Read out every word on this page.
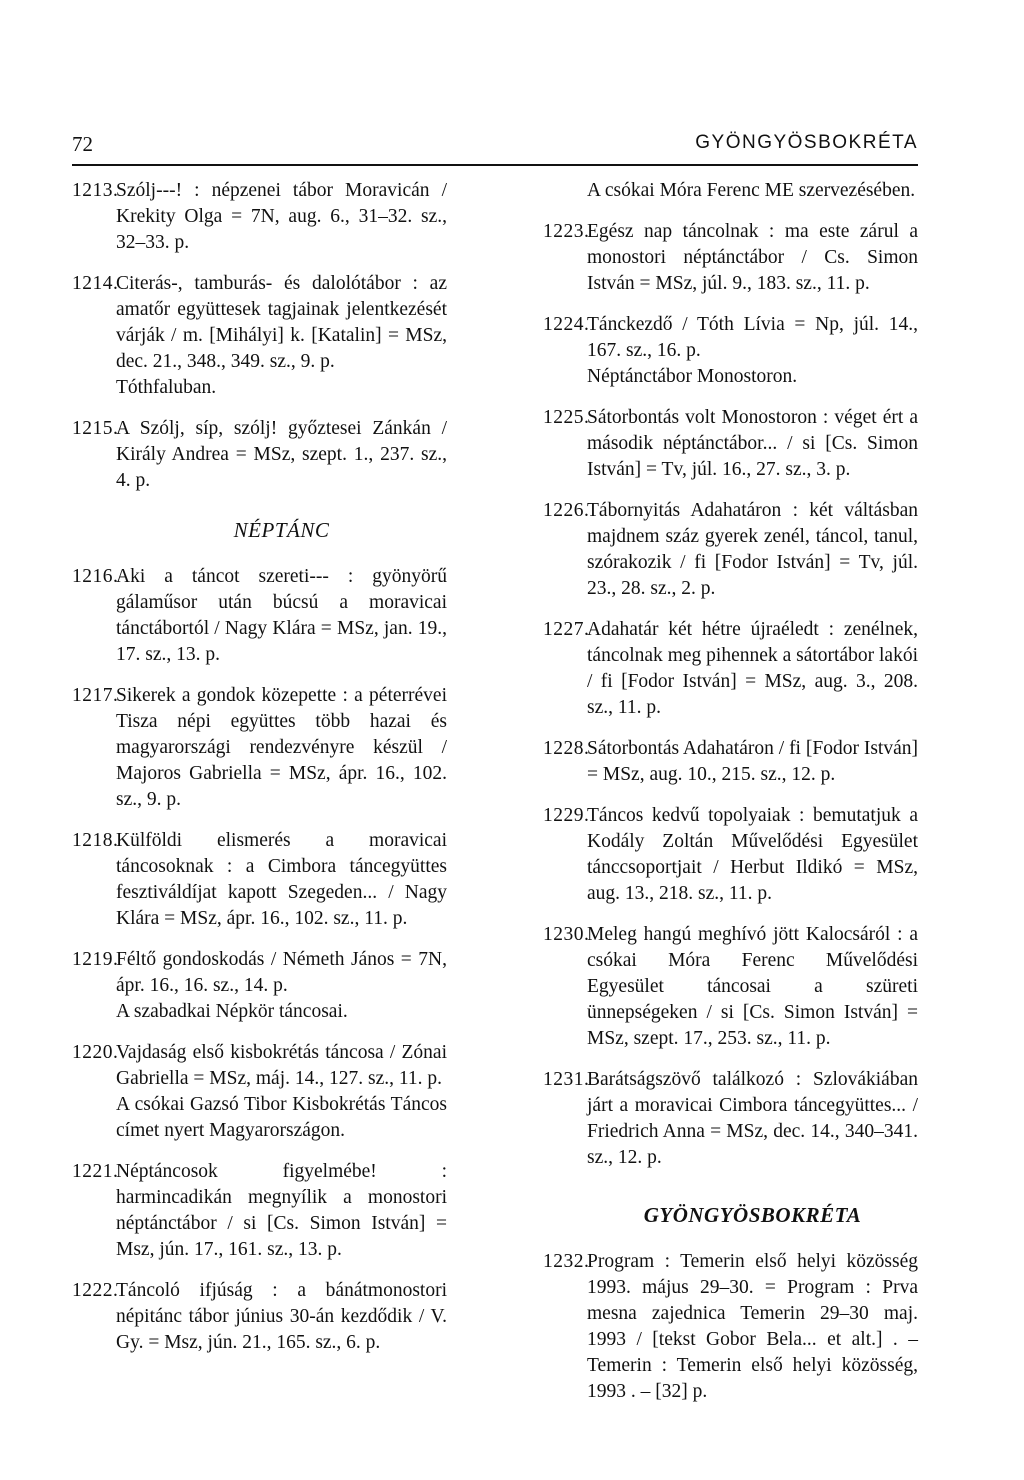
72	GYÖNGYÖSBOKRÉTA
1213.

Szólj---! : népzenei tábor Moravicán / Krekity Olga = 7N, aug. 6., 31–32. sz., 32–33. p.

1214.

Citerás-, tamburás- és dalolótábor : az amatőr együttesek tagjainak jelentkezését várják / m. [Mihályi] k. [Katalin] = MSz, dec. 21., 348., 349. sz., 9. p.

Tóthfaluban.

1215.

A Szólj, síp, szólj! győztesei Zánkán / Király Andrea = MSz, szept. 1., 237. sz., 4. p.

NÉPTÁNC
1216.

Aki a táncot szereti--- : gyönyörű gálaműsor után búcsú a moravicai tánctábortól / Nagy Klára = MSz, jan. 19., 17. sz., 13. p.

1217.

Sikerek a gondok közepette : a péterrévei Tisza népi együttes több hazai és magyarországi rendezvényre készül / Majoros Gabriella = MSz, ápr. 16., 102. sz., 9. p.

1218.

Külföldi elismerés a moravicai táncosoknak : a Cimbora táncegyüttes fesztiváldíjat kapott Szegeden... / Nagy Klára = MSz, ápr. 16., 102. sz., 11. p.

1219.

Féltő gondoskodás / Németh János = 7N, ápr. 16., 16. sz., 14. p.

A szabadkai Népkör táncosai.

1220.

Vajdaság első kisbokrétás táncosa / Zónai Gabriella = MSz, máj. 14., 127. sz., 11. p.

A csókai Gazsó Tibor Kisbokrétás Táncos címet nyert Magyarországon.

1221.

Néptáncosok figyelmébe! : harmincadikán megnyílik a monostori néptánctábor / si [Cs. Simon István] = Msz, jún. 17., 161. sz., 13. p.

1222.

Táncoló ifjúság : a bánátmonostori népitánc tábor június 30-án kezdődik / V. Gy. = Msz, jún. 21., 165. sz., 6. p.

A csókai Móra Ferenc ME szervezésében.
1223.

Egész nap táncolnak : ma este zárul a monostori néptánctábor / Cs. Simon István = MSz, júl. 9., 183. sz., 11. p.

1224.

Tánckezdő / Tóth Lívia = Np, júl. 14., 167. sz., 16. p.

Néptánctábor Monostoron.

1225.

Sátorbontás volt Monostoron : véget ért a második néptánctábor... / si [Cs. Simon István] = Tv, júl. 16., 27. sz., 3. p.

1226.

Tábornyitás Adahatáron : két váltásban majdnem száz gyerek zenél, táncol, tanul, szórakozik / fi [Fodor István] = Tv, júl. 23., 28. sz., 2. p.

1227.

Adahatár két hétre újraéledt : zenélnek, táncolnak meg pihennek a sátortábor lakói / fi [Fodor István] = MSz, aug. 3., 208. sz., 11. p.

1228.

Sátorbontás Adahatáron / fi [Fodor István] = MSz, aug. 10., 215. sz., 12. p.

1229.

Táncos kedvű topolyaiak : bemutatjuk a Kodály Zoltán Művelődési Egyesület tánccsoportjait / Herbut Ildikó = MSz, aug. 13., 218. sz., 11. p.

1230.

Meleg hangú meghívó jött Kalocsáról : a csókai Móra Ferenc Művelődési Egyesület táncosai a szüreti ünnepségeken / si [Cs. Simon István] = MSz, szept. 17., 253. sz., 11. p.

1231.

Barátságszövő találkozó : Szlovákiában járt a moravicai Cimbora táncegyüttes... / Friedrich Anna = MSz, dec. 14., 340–341. sz., 12. p.

GYÖNGYÖSBOKRÉTA
1232.

Program : Temerin első helyi közösség 1993. május 29–30. = Program : Prva mesna zajednica Temerin 29–30 maj. 1993 / [tekst Gobor Bela... et alt.] . – Temerin : Temerin első helyi közösség, 1993 . – [32] p.
